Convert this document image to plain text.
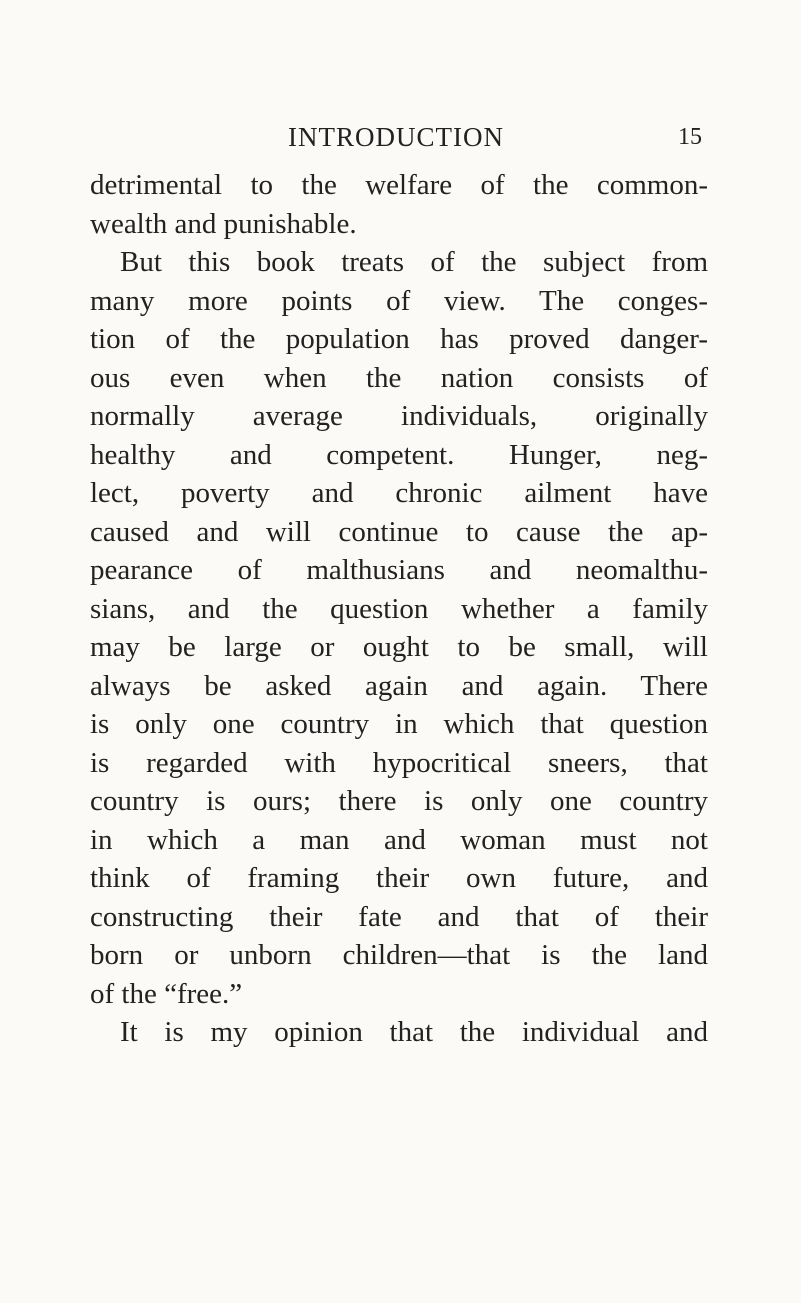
INTRODUCTION	15
detrimental to the welfare of the common-
wealth and punishable.
But this book treats of the subject from
many more points of view. The conges-
tion of the population has proved danger-
ous even when the nation consists of
normally average individuals, originally
healthy and competent. Hunger, neg-
lect, poverty and chronic ailment have
caused and will continue to cause the ap-
pearance of malthusians and neomalthu-
sians, and the question whether a family
may be large or ought to be small, will
always be asked again and again. There
is only one country in which that question
is regarded with hypocritical sneers, that
country is ours; there is only one country
in which a man and woman must not
think of framing their own future, and
constructing their fate and that of their
born or unborn children—that is the land
of the “free.”
It is my opinion that the individual and
